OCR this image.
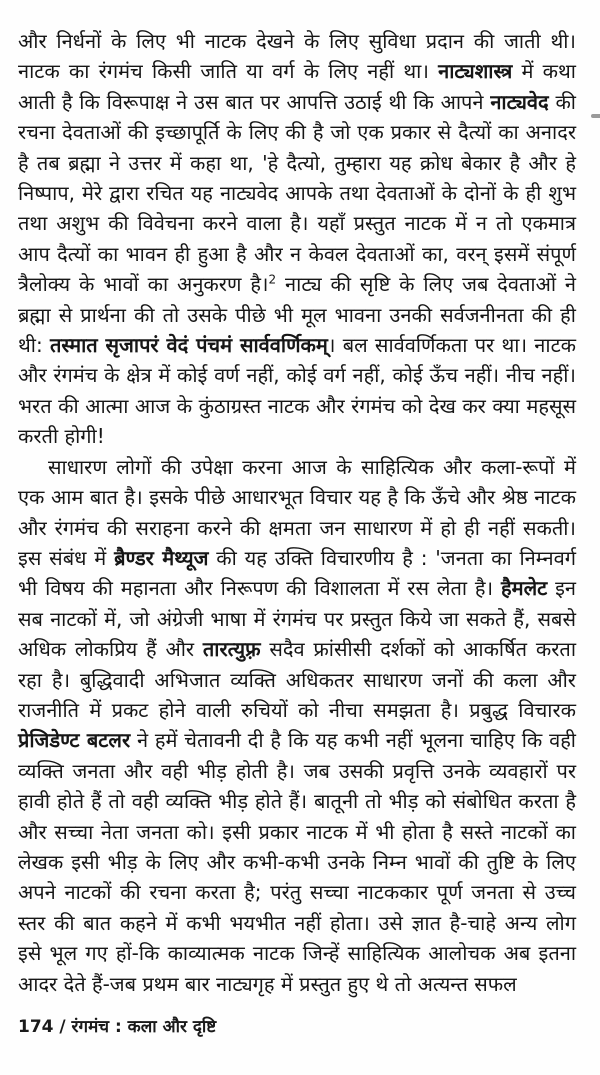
और निर्धनों के लिए भी नाटक देखने के लिए सुविधा प्रदान की जाती थी। नाटक का रंगमंच किसी जाति या वर्ग के लिए नहीं था। नाट्यशास्त्र में कथा आती है कि विरूपाक्ष ने उस बात पर आपत्ति उठाई थी कि आपने नाट्यवेद की रचना देवताओं की इच्छापूर्ति के लिए की है जो एक प्रकार से दैत्यों का अनादर है तब ब्रह्मा ने उत्तर में कहा था, 'हे दैत्यो, तुम्हारा यह क्रोध बेकार है और हे निष्पाप, मेरे द्वारा रचित यह नाट्यवेद आपके तथा देवताओं के दोनों के ही शुभ तथा अशुभ की विवेचना करने वाला है। यहाँ प्रस्तुत नाटक में न तो एकमात्र आप दैत्यों का भावन ही हुआ है और न केवल देवताओं का, वरन् इसमें संपूर्ण त्रैलोक्य के भावों का अनुकरण है।$^2$ नाट्य की सृष्टि के लिए जब देवताओं ने ब्रह्मा से प्रार्थना की तो उसके पीछे भी मूल भावना उनकी सर्वजनीनता की ही थी: तस्मात सृजापरं वेदं पंचमं सार्ववर्णिकम्। बल सार्ववर्णिकता पर था। नाटक और रंगमंच के क्षेत्र में कोई वर्ण नहीं, कोई वर्ग नहीं, कोई ऊँच नहीं। नीच नहीं। भरत की आत्मा आज के कुंठाग्रस्त नाटक और रंगमंच को देख कर क्या महसूस करती होगी!

साधारण लोगों की उपेक्षा करना आज के साहित्यिक और कला-रूपों में एक आम बात है। इसके पीछे आधारभूत विचार यह है कि ऊँचे और श्रेष्ठ नाटक और रंगमंच की सराहना करने की क्षमता जन साधारण में हो ही नहीं सकती। इस संबंध में ब्रैण्डर मैथ्यूज की यह उक्ति विचारणीय है : 'जनता का निम्नवर्ग भी विषय की महानता और निरूपण की विशालता में रस लेता है। हैमलेट इन सब नाटकों में, जो अंग्रेजी भाषा में रंगमंच पर प्रस्तुत किये जा सकते हैं, सबसे अधिक लोकप्रिय हैं और तारत्युफ़्र सदैव फ्रांसीसी दर्शकों को आकर्षित करता रहा है। बुद्धिवादी अभिजात व्यक्ति अधिकतर साधारण जनों की कला और राजनीति में प्रकट होने वाली रुचियों को नीचा समझता है। प्रबुद्ध विचारक प्रेजिडेण्ट बटलर ने हमें चेतावनी दी है कि यह कभी नहीं भूलना चाहिए कि वही व्यक्ति जनता और वही भीड़ होती है। जब उसकी प्रवृत्ति उनके व्यवहारों पर हावी होते हैं तो वही व्यक्ति भीड़ होते हैं। बातूनी तो भीड़ को संबोधित करता है और सच्चा नेता जनता को। इसी प्रकार नाटक में भी होता है सस्ते नाटकों का लेखक इसी भीड़ के लिए और कभी-कभी उनके निम्न भावों की तुष्टि के लिए अपने नाटकों की रचना करता है; परंतु सच्चा नाटककार पूर्ण जनता से उच्च स्तर की बात कहने में कभी भयभीत नहीं होता। उसे ज्ञात है-चाहे अन्य लोग इसे भूल गए हों-कि काव्यात्मक नाटक जिन्हें साहित्यिक आलोचक अब इतना आदर देते हैं-जब प्रथम बार नाट्यगृह में प्रस्तुत हुए थे तो अत्यन्त सफल

174 / रंगमंच : कला और दृष्टि
